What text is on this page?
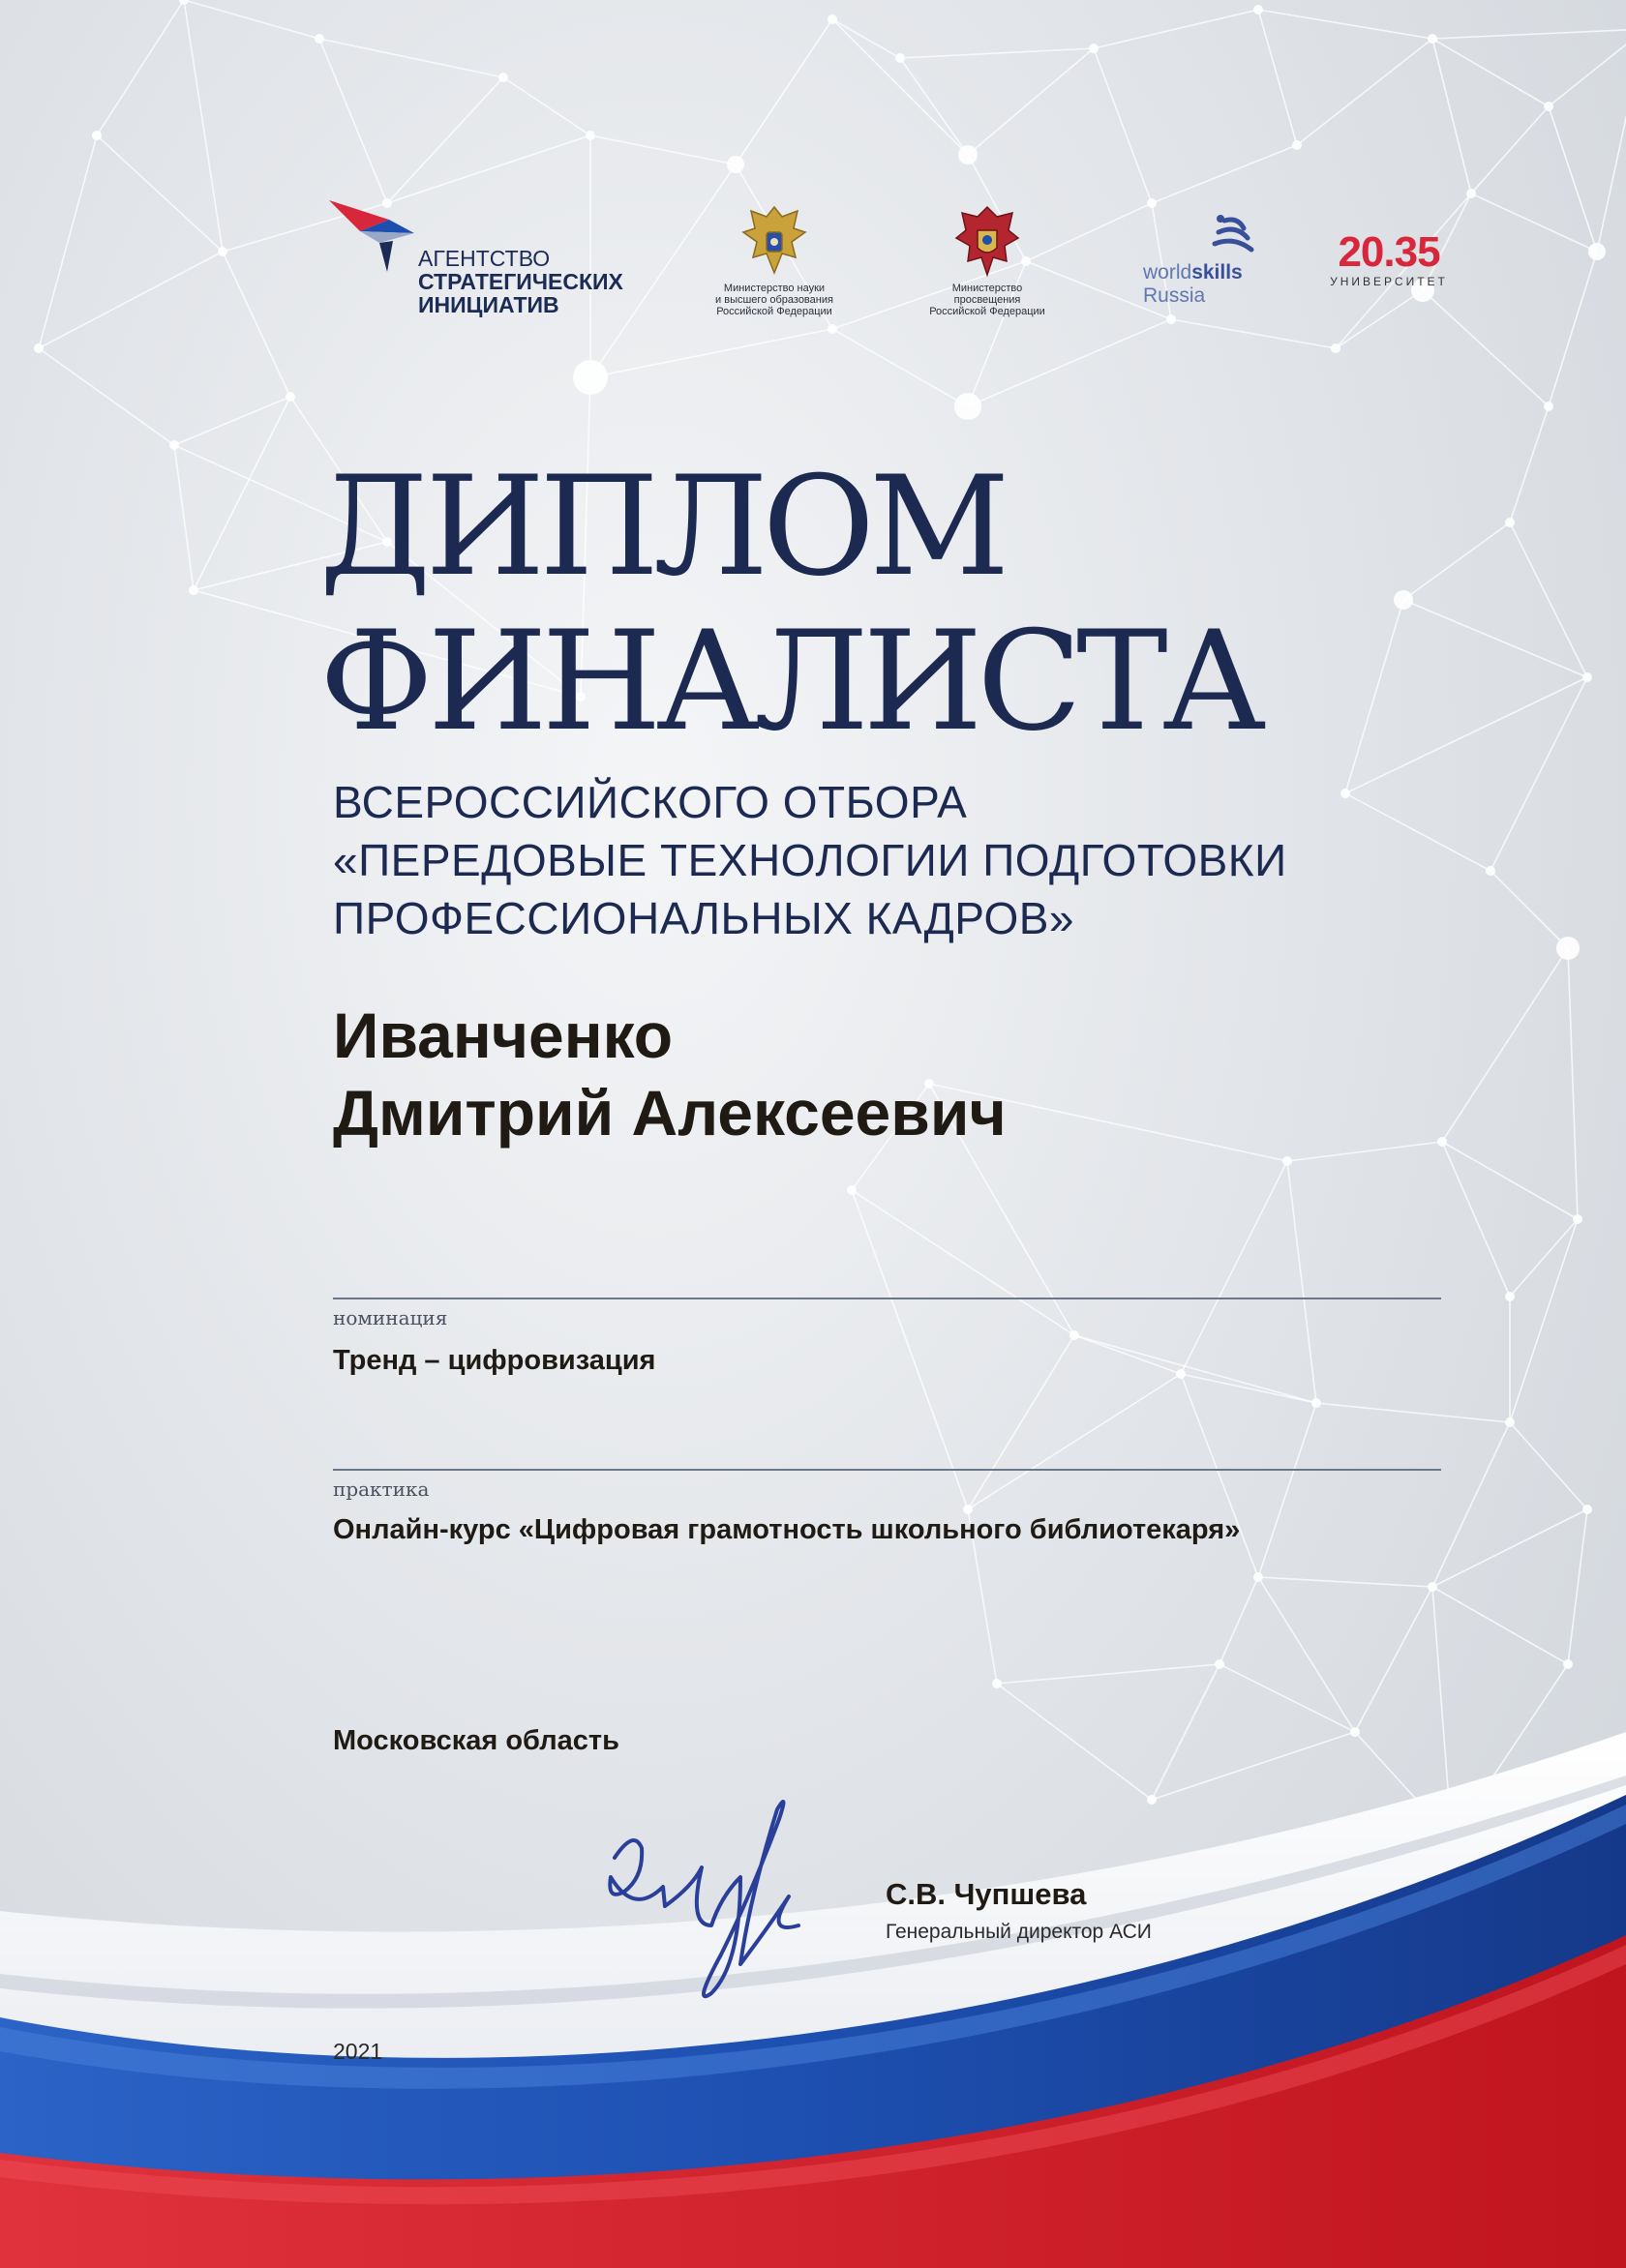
АГЕНТСТВО
СТРАТЕГИЧЕСКИХ
ИНИЦИАТИВ
Министерство науки
и высшего образования
Российской Федерации
Министерство
просвещения
Российской Федерации
worldskills
Russia
20.35
УНИВЕРСИТЕТ
ДИПЛОМ
ФИНАЛИСТА
ВСЕРОССИЙСКОГО ОТБОРА
«ПЕРЕДОВЫЕ ТЕХНОЛОГИИ ПОДГОТОВКИ
ПРОФЕССИОНАЛЬНЫХ КАДРОВ»
Иванченко
Дмитрий Алексеевич
номинация
Тренд – цифровизация
практика
Онлайн-курс «Цифровая грамотность школьного библиотекаря»
Московская область
С.В. Чупшева
Генеральный директор АСИ
2021
